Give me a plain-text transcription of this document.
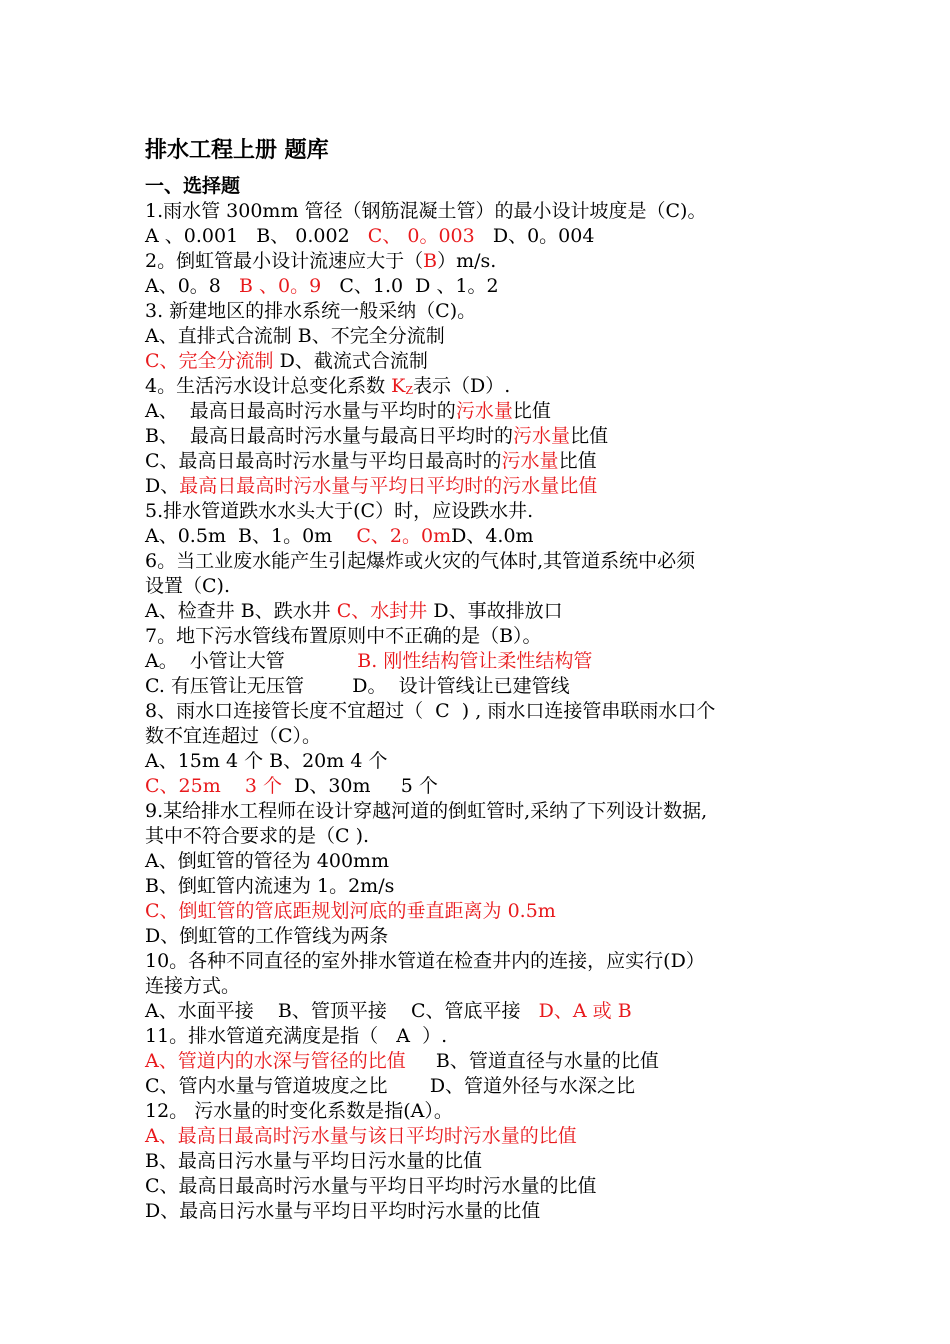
排水工程上册 题库
一、选择题
1.雨水管 300mm 管径（钢筋混凝土管）的最小设计坡度是（C)。
A 、0.001   B、 0.002   C、 0。003   D、0。004
2。倒虹管最小设计流速应大于（B）m/s.
A、0。8   B 、0。9   C、1.0  D 、1。2
3. 新建地区的排水系统一般采纳（C)。
A、直排式合流制 B、不完全分流制
C、完全分流制 D、截流式合流制
4。生活污水设计总变化系数 $K_Z$表示（D）.
A、  最高日最高时污水量与平均时的污水量比值
B、  最高日最高时污水量与最高日平均时的污水量比值
C、最高日最高时污水量与平均日最高时的污水量比值
D、最高日最高时污水量与平均日平均时的污水量比值
5.排水管道跌水水头大于(C）时，应设跌水井.
A、0.5m  B、1。0m    C、2。0mD、4.0m
6。当工业废水能产生引起爆炸或火灾的气体时,其管道系统中必须
设置（C).
A、检查井 B、跌水井 C、水封井 D、事故排放口
7。地下污水管线布置原则中不正确的是（B）。
A。  小管让大管            B. 刚性结构管让柔性结构管
C. 有压管让无压管        D。  设计管线让已建管线
8、雨水口连接管长度不宜超过（  C  ) , 雨水口连接管串联雨水口个
数不宜连超过（C）。
A、15m 4 个 B、20m 4 个
C、25m    3 个  D、30m     5 个
9.某给排水工程师在设计穿越河道的倒虹管时,采纳了下列设计数据,
其中不符合要求的是（C ).
A、倒虹管的管径为 400mm
B、倒虹管内流速为 1。2m/s
C、倒虹管的管底距规划河底的垂直距离为 0.5m
D、倒虹管的工作管线为两条
10。各种不同直径的室外排水管道在检查井内的连接，应实行(D）
连接方式。
A、水面平接    B、管顶平接    C、管底平接   D、A 或 B
11。排水管道充满度是指（   A  ）.
A、管道内的水深与管径的比值     B、管道直径与水量的比值
C、管内水量与管道坡度之比       D、管道外径与水深之比
12。 污水量的时变化系数是指(A）。
A、最高日最高时污水量与该日平均时污水量的比值
B、最高日污水量与平均日污水量的比值
C、最高日最高时污水量与平均日平均时污水量的比值
D、最高日污水量与平均日平均时污水量的比值
